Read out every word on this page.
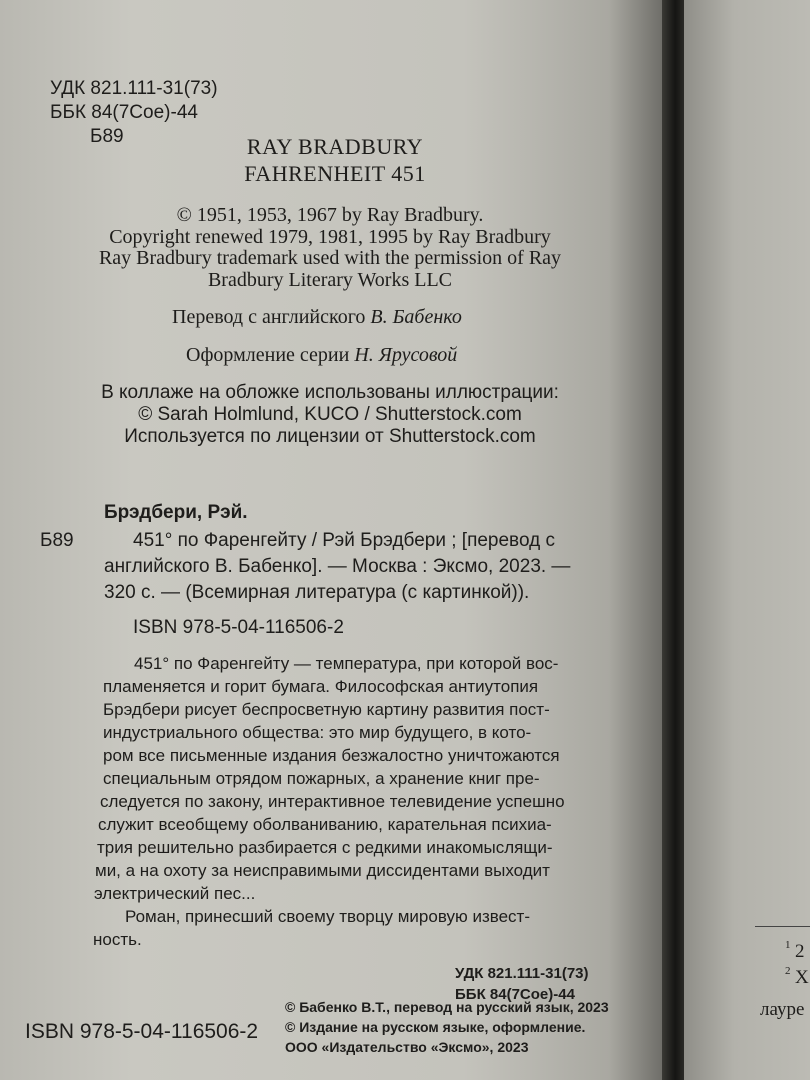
УДК 821.111-31(73)
ББК 84(7Сое)-44
Б89	RAY BRADBURY
FAHRENHEIT 451
© 1951, 1953, 1967 by Ray Bradbury.
Copyright renewed 1979, 1981, 1995 by Ray Bradbury
Ray Bradbury trademark used with the permission of Ray
Bradbury Literary Works LLC
Перевод с английского В. Бабенко
Оформление серии Н. Ярусовой
В коллаже на обложке использованы иллюстрации:
© Sarah Holmlund, KUCO / Shutterstock.com
Используется по лицензии от Shutterstock.com
Брэдбери, Рэй.
Б89	451° по Фаренгейту / Рэй Брэдбери ; [перевод с
английского В. Бабенко]. — Москва : Эксмо, 2023. —
320 с. — (Всемирная литература (с картинкой)).
ISBN 978-5-04-116506-2
451° по Фаренгейту — температура, при которой вос-
пламеняется и горит бумага. Философская антиутопия
Брэдбери рисует беспросветную картину развития пост-
индустриального общества: это мир будущего, в кото-
ром все письменные издания безжалостно уничтожаются
специальным отрядом пожарных, а хранение книг пре-
следуется по закону, интерактивное телевидение успешно
служит всеобщему оболваниванию, карательная психиа-
трия решительно разбирается с редкими инакомыслящи-
ми, а на охоту за неисправимыми диссидентами выходит
электрический пес...
Роман, принесший своему творцу мировую извест-
ность.
УДК 821.111-31(73)
ББК 84(7Сое)-44
ISBN 978-5-04-116506-2
© Бабенко В.Т., перевод на русский язык, 2023
© Издание на русском языке, оформление.
ООО «Издательство «Эксмо», 2023
1 2
2 Х
лауре
